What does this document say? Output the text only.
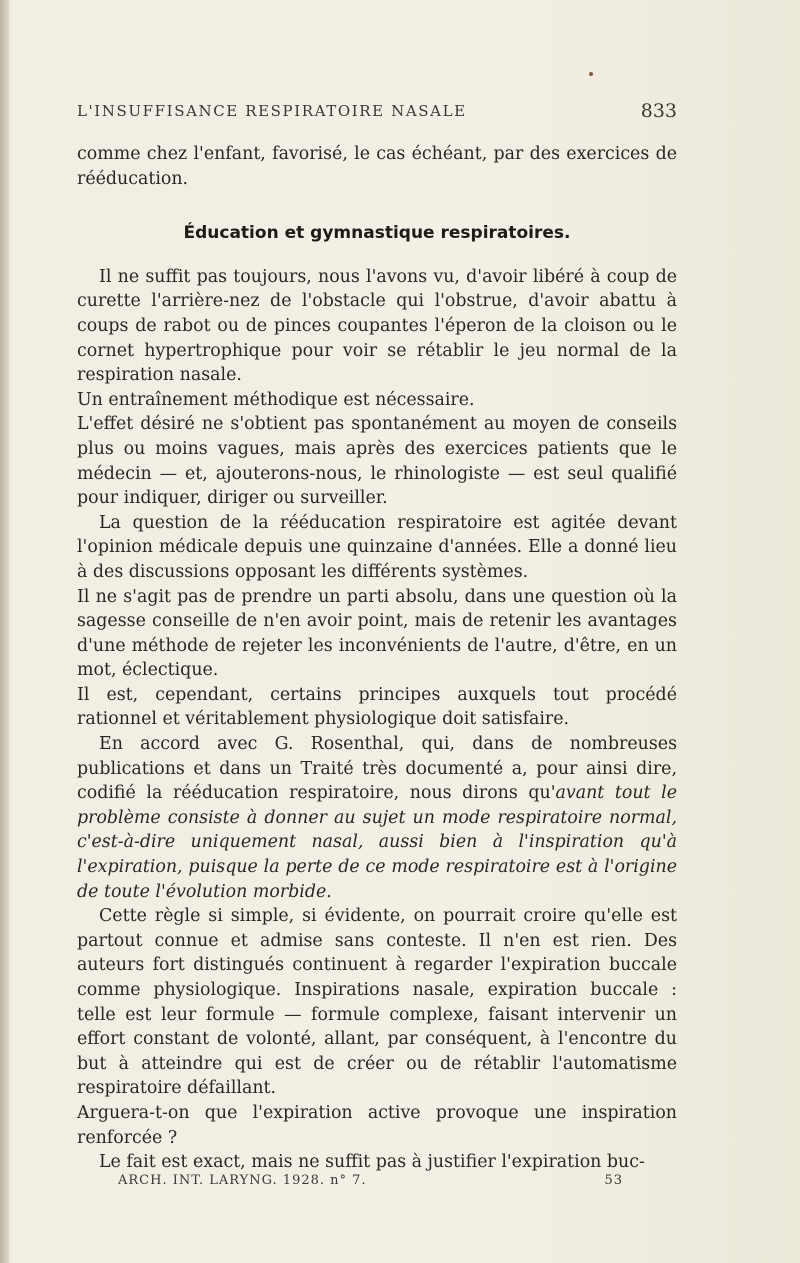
L'INSUFFISANCE RESPIRATOIRE NASALE	833

comme chez l'enfant, favorisé, le cas échéant, par des exercices de rééducation.

Éducation et gymnastique respiratoires.

Il ne suffit pas toujours, nous l'avons vu, d'avoir libéré à coup de curette l'arrière-nez de l'obstacle qui l'obstrue, d'avoir abattu à coups de rabot ou de pinces coupantes l'éperon de la cloison ou le cornet hypertrophique pour voir se rétablir le jeu normal de la respiration nasale.

Un entraînement méthodique est nécessaire.

L'effet désiré ne s'obtient pas spontanément au moyen de conseils plus ou moins vagues, mais après des exercices patients que le médecin — et, ajouterons-nous, le rhinologiste — est seul qualifié pour indiquer, diriger ou surveiller.

La question de la rééducation respiratoire est agitée devant l'opinion médicale depuis une quinzaine d'années. Elle a donné lieu à des discussions opposant les différents systèmes.

Il ne s'agit pas de prendre un parti absolu, dans une question où la sagesse conseille de n'en avoir point, mais de retenir les avantages d'une méthode de rejeter les inconvénients de l'autre, d'être, en un mot, éclectique.

Il est, cependant, certains principes auxquels tout procédé rationnel et véritablement physiologique doit satisfaire.

En accord avec G. Rosenthal, qui, dans de nombreuses publications et dans un Traité très documenté a, pour ainsi dire, codifié la rééducation respiratoire, nous dirons qu'avant tout le problème consiste à donner au sujet un mode respiratoire normal, c'est-à-dire uniquement nasal, aussi bien à l'inspiration qu'à l'expiration, puisque la perte de ce mode respiratoire est à l'origine de toute l'évolution morbide.

Cette règle si simple, si évidente, on pourrait croire qu'elle est partout connue et admise sans conteste. Il n'en est rien. Des auteurs fort distingués continuent à regarder l'expiration buccale comme physiologique. Inspirations nasale, expiration buccale : telle est leur formule — formule complexe, faisant intervenir un effort constant de volonté, allant, par conséquent, à l'encontre du but à atteindre qui est de créer ou de rétablir l'automatisme respiratoire défaillant.

Arguera-t-on que l'expiration active provoque une inspiration renforcée ?

Le fait est exact, mais ne suffit pas à justifier l'expiration buc-

ARCH. INT. LARYNG. 1928. n° 7.	53
